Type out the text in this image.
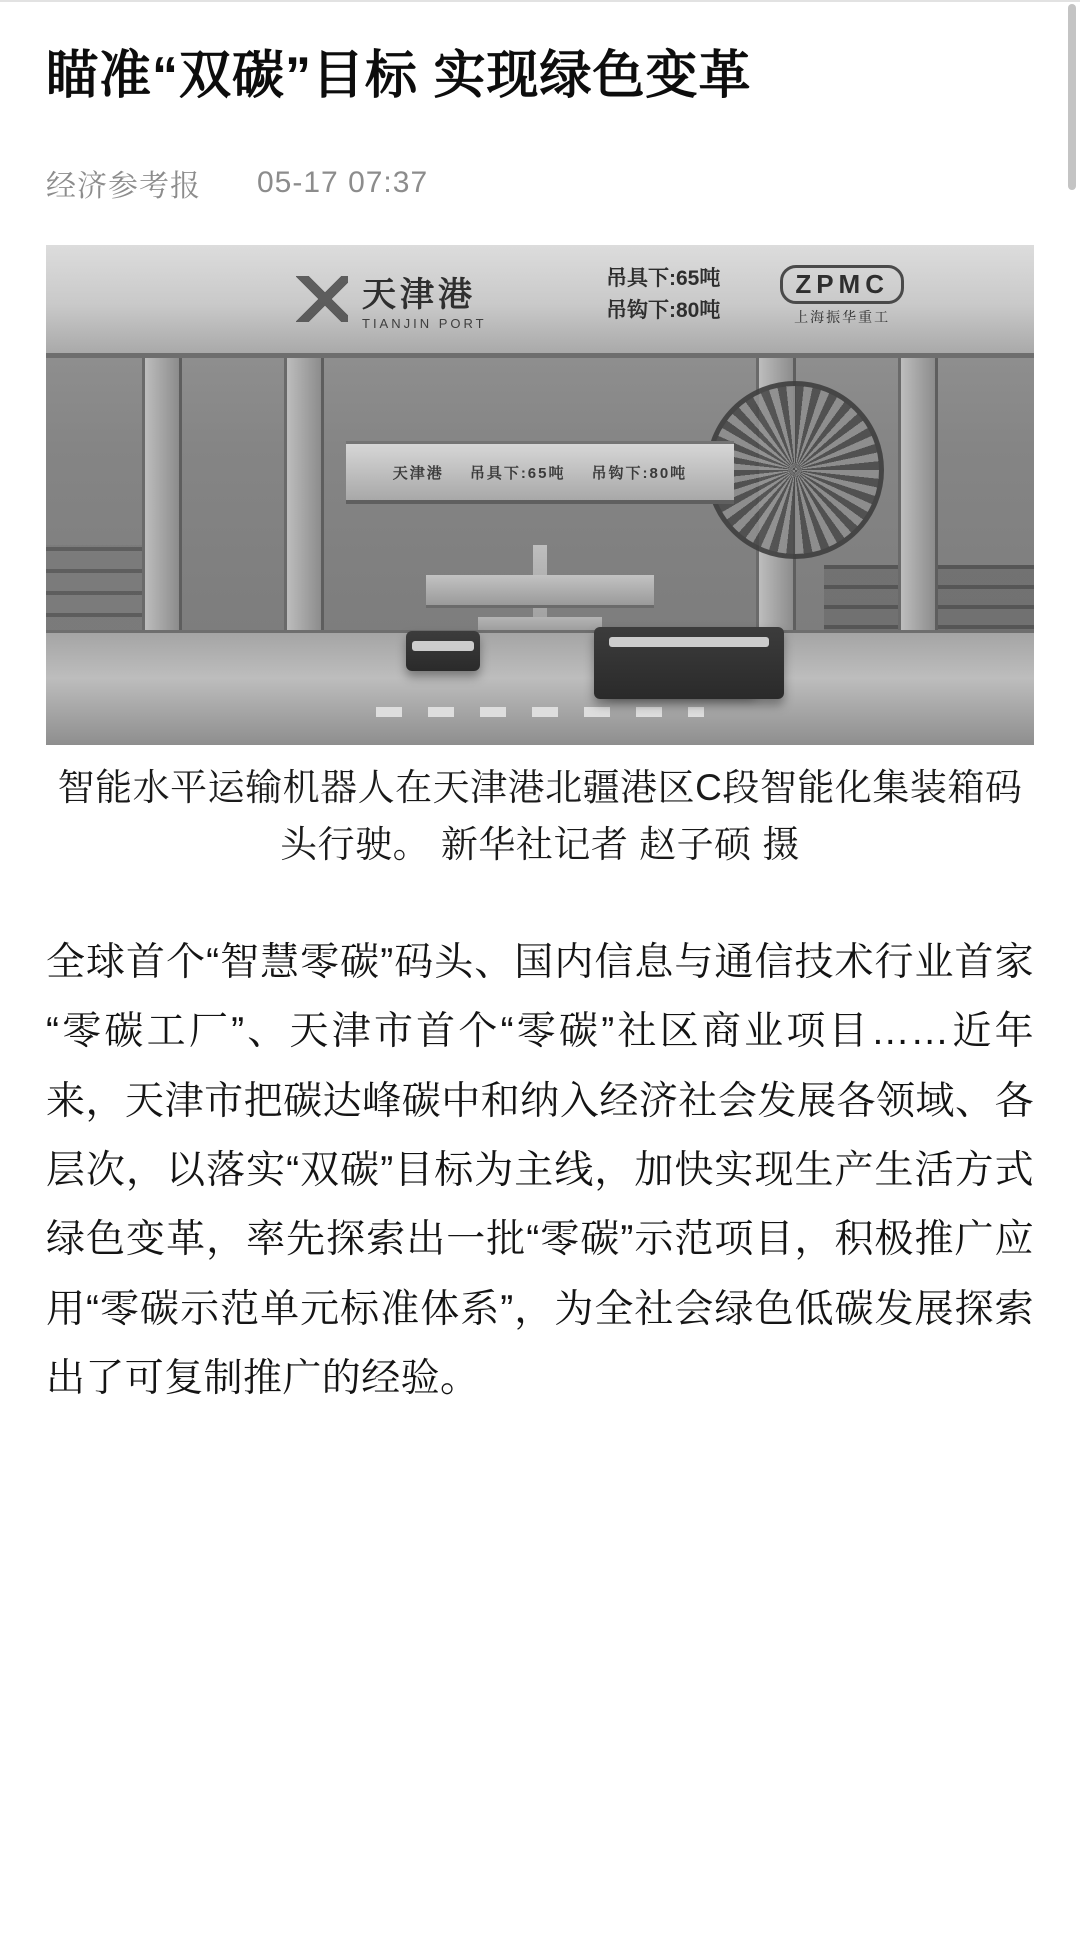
瞄准“双碳”目标 实现绿色变革
经济参考报 05-17 07:37
天津港 吊具下:65吨 吊钩下:80吨
天津港
TIANJIN PORT
吊具下:65吨
吊钩下:80吨
ZPMC
上海振华重工
智能水平运输机器人在天津港北疆港区C段智能化集装箱码头行驶。 新华社记者 赵子硕 摄

全球首个“智慧零碳”码头、国内信息与通信技术行业首家“零碳工厂”、天津市首个“零碳”社区商业项目……近年来，天津市把碳达峰碳中和纳入经济社会发展各领域、各层次，以落实“双碳”目标为主线，加快实现生产生活方式绿色变革，率先探索出一批“零碳”示范项目，积极推广应用“零碳示范单元标准体系”，为全社会绿色低碳发展探索出了可复制推广的经验。
